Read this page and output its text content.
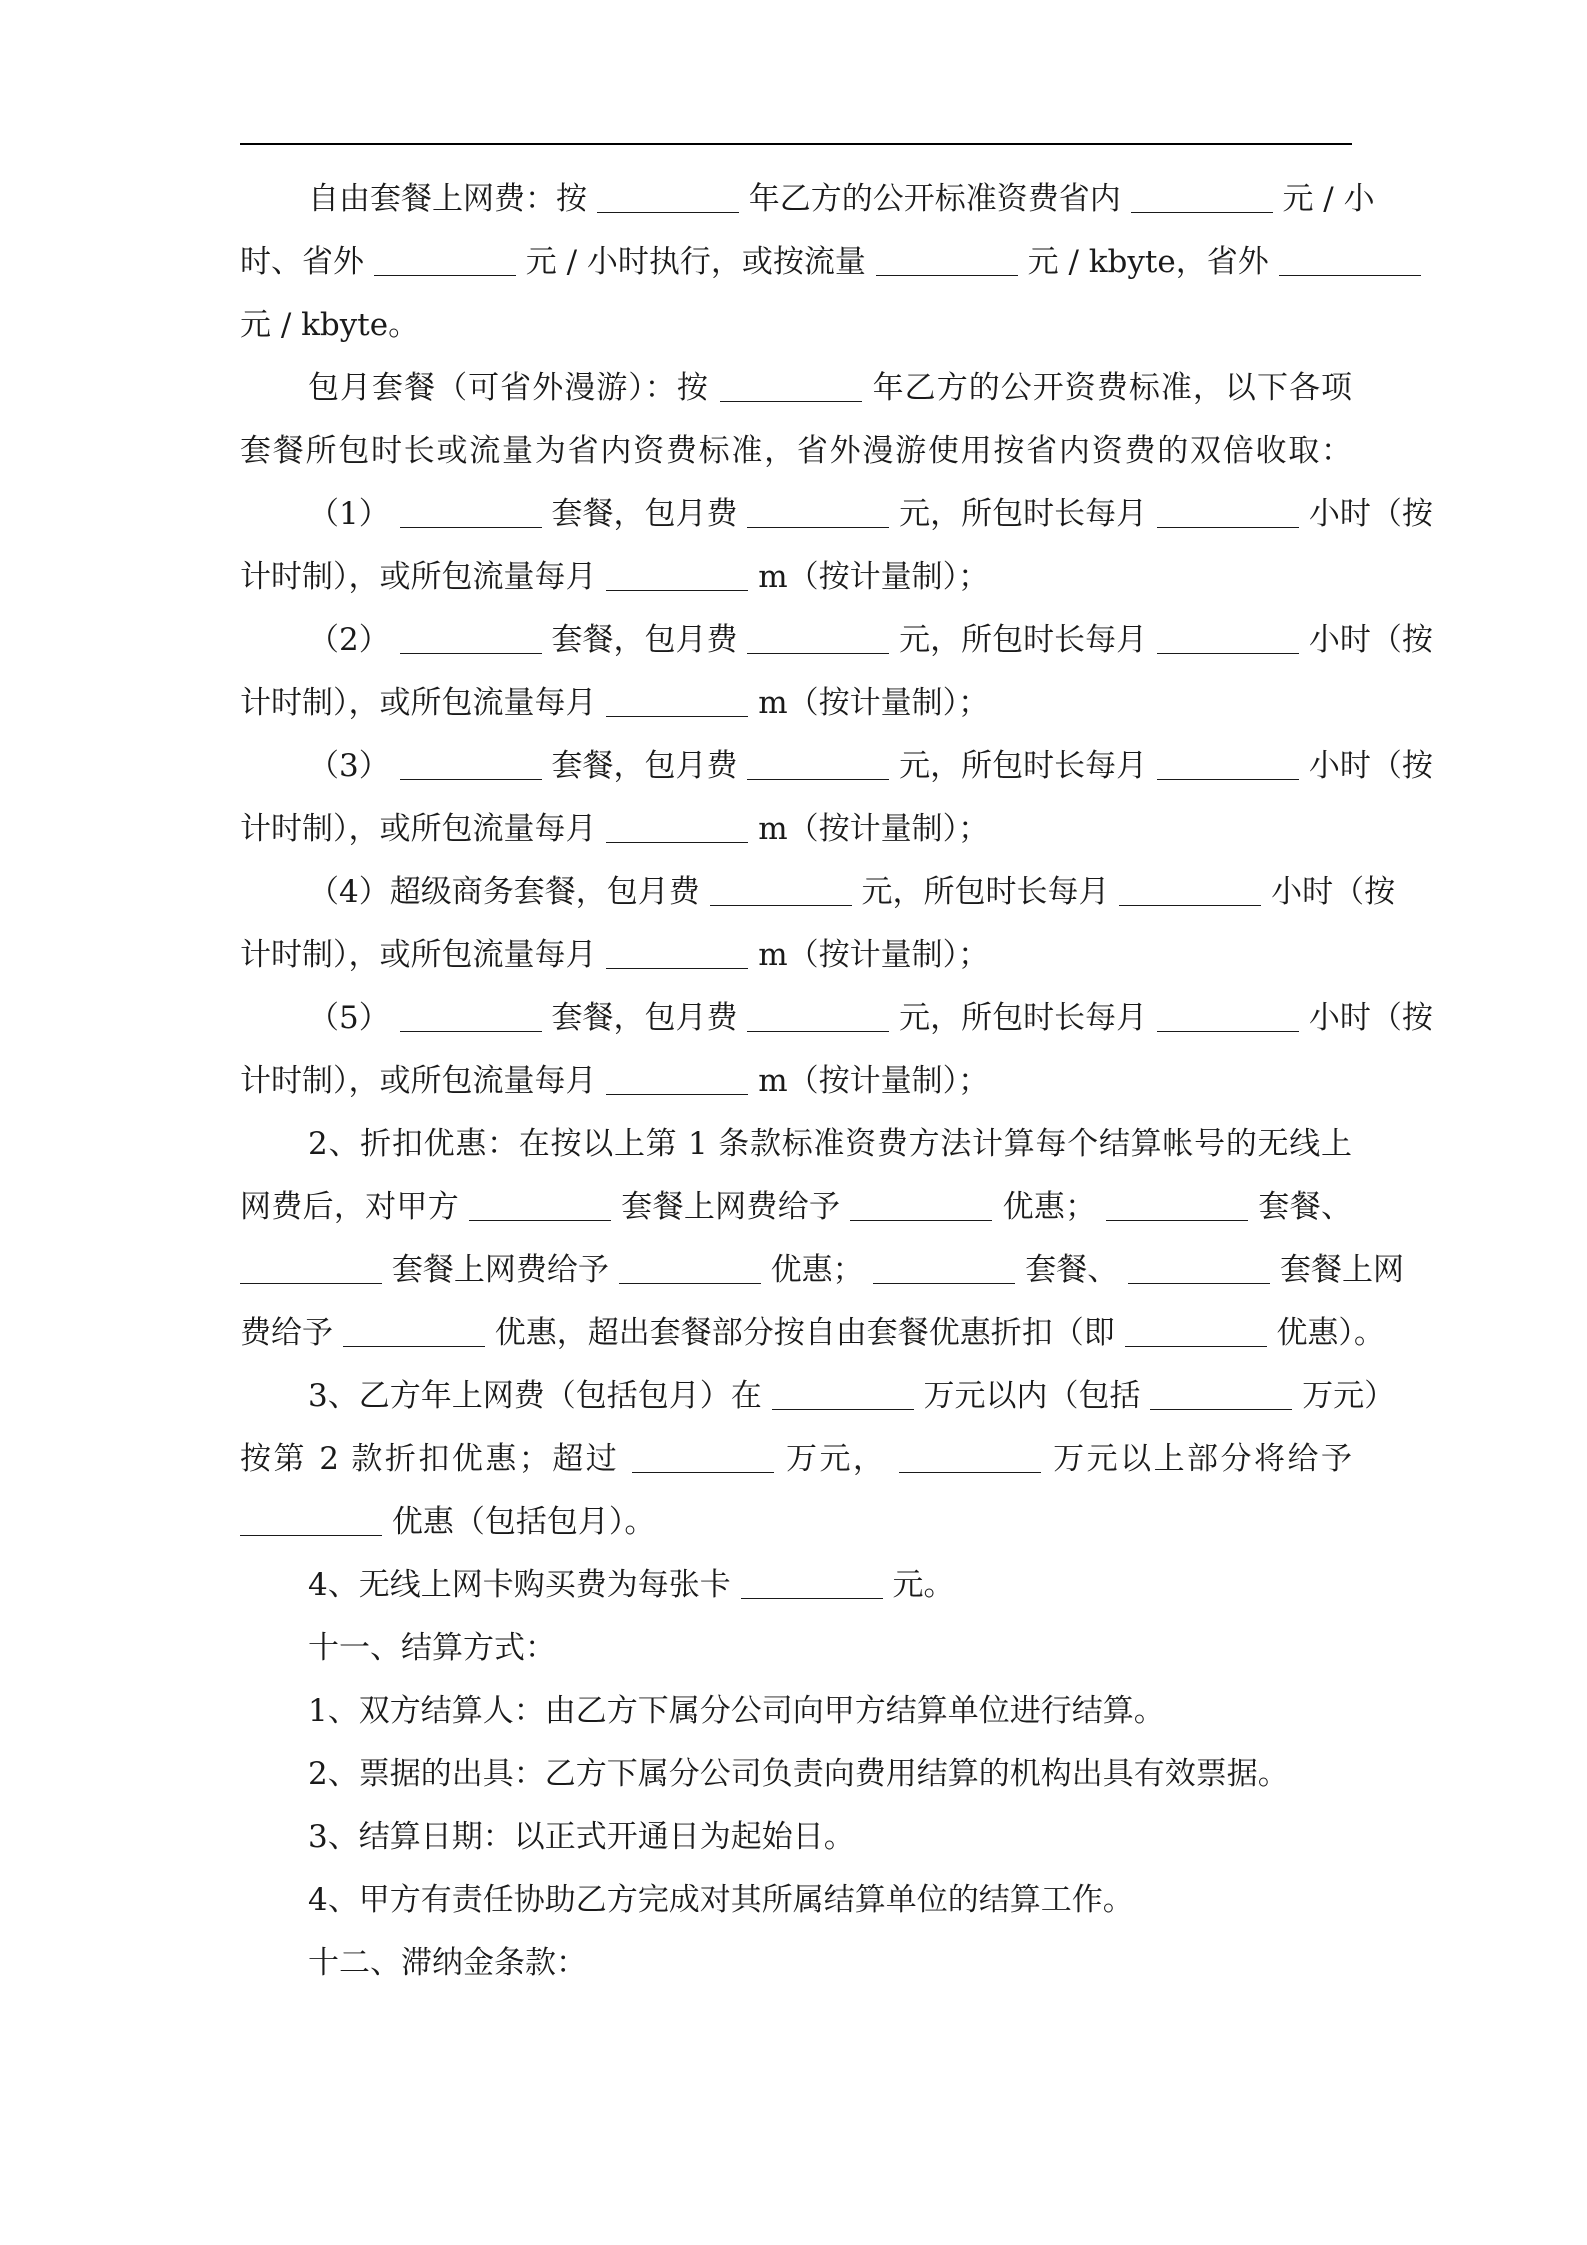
自由套餐上网费：按	年乙方的公开标准资费省内	元 / 小
时、省外	元 / 小时执行，或按流量	元 / kbyte，省外
元 / kbyte。
包月套餐（可省外漫游）：按	年乙方的公开资费标准，以下各项
套餐所包时长或流量为省内资费标准，省外漫游使用按省内资费的双倍收取：
（1）	套餐，包月费	元，所包时长每月	小时（按
计时制），或所包流量每月	m（按计量制）；
（2）	套餐，包月费	元，所包时长每月	小时（按
计时制），或所包流量每月	m（按计量制）；
（3）	套餐，包月费	元，所包时长每月	小时（按
计时制），或所包流量每月	m（按计量制）；
（4）超级商务套餐，包月费	元，所包时长每月	小时（按
计时制），或所包流量每月	m（按计量制）；
（5）	套餐，包月费	元，所包时长每月	小时（按
计时制），或所包流量每月	m（按计量制）；
2、折扣优惠：在按以上第 1 条款标准资费方法计算每个结算帐号的无线上
网费后，对甲方	套餐上网费给予	优惠；	套餐、
套餐上网费给予	优惠；	套餐、	套餐上网
费给予	优惠，超出套餐部分按自由套餐优惠折扣（即	优惠）。
3、乙方年上网费（包括包月）在	万元以内（包括	万元）
按第 2 款折扣优惠；超过	万元，	万元以上部分将给予
优惠（包括包月）。
4、无线上网卡购买费为每张卡	元。
十一、结算方式：
1、双方结算人：由乙方下属分公司向甲方结算单位进行结算。
2、票据的出具：乙方下属分公司负责向费用结算的机构出具有效票据。
3、结算日期：以正式开通日为起始日。
4、甲方有责任协助乙方完成对其所属结算单位的结算工作。
十二、滞纳金条款：
